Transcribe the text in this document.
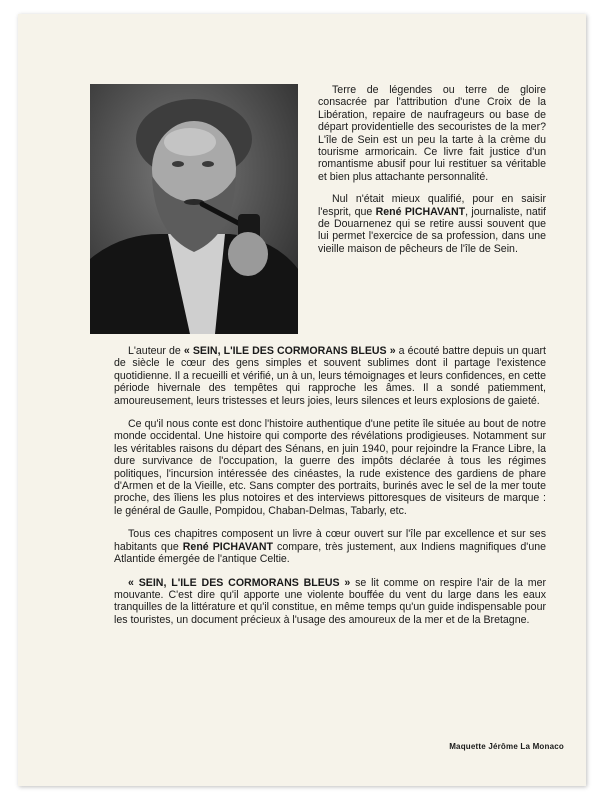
Terre de légendes ou terre de gloire consacrée par l'attribution d'une Croix de la Libération, repaire de naufrageurs ou base de départ providentielle des secouristes de la mer? L'île de Sein est un peu la tarte à la crème du tourisme armoricain. Ce livre fait justice d'un romantisme abusif pour lui restituer sa véritable et bien plus attachante personnalité.

Nul n'était mieux qualifié, pour en saisir l'esprit, que René PICHAVANT, journaliste, natif de Douarnenez qui se retire aussi souvent que lui permet l'exercice de sa profession, dans une vieille maison de pêcheurs de l'île de Sein.

L'auteur de « SEIN, L'ILE DES CORMORANS BLEUS » a écouté battre depuis un quart de siècle le cœur des gens simples et souvent sublimes dont il partage l'existence quotidienne. Il a recueilli et vérifié, un à un, leurs témoignages et leurs confidences, en cette période hivernale des tempêtes qui rapproche les âmes. Il a sondé patiemment, amoureusement, leurs tristesses et leurs joies, leurs silences et leurs explosions de gaieté.

Ce qu'il nous conte est donc l'histoire authentique d'une petite île située au bout de notre monde occidental. Une histoire qui comporte des révélations prodigieuses. Notamment sur les véritables raisons du départ des Sénans, en juin 1940, pour rejoindre la France Libre, la dure survivance de l'occupation, la guerre des impôts déclarée à tous les régimes politiques, l'incursion intéressée des cinéastes, la rude existence des gardiens de phare d'Armen et de la Vieille, etc. Sans compter des portraits, burinés avec le sel de la mer toute proche, des îliens les plus notoires et des interviews pittoresques de visiteurs de marque : le général de Gaulle, Pompidou, Chaban-Delmas, Tabarly, etc.

Tous ces chapitres composent un livre à cœur ouvert sur l'île par excellence et sur ses habitants que René PICHAVANT compare, très justement, aux Indiens magnifiques d'une Atlantide émergée de l'antique Celtie.

« SEIN, L'ILE DES CORMORANS BLEUS » se lit comme on respire l'air de la mer mouvante. C'est dire qu'il apporte une violente bouffée du vent du large dans les eaux tranquilles de la littérature et qu'il constitue, en même temps qu'un guide indispensable pour les touristes, un document précieux à l'usage des amoureux de la mer et de la Bretagne.

Maquette Jérôme La Monaco
